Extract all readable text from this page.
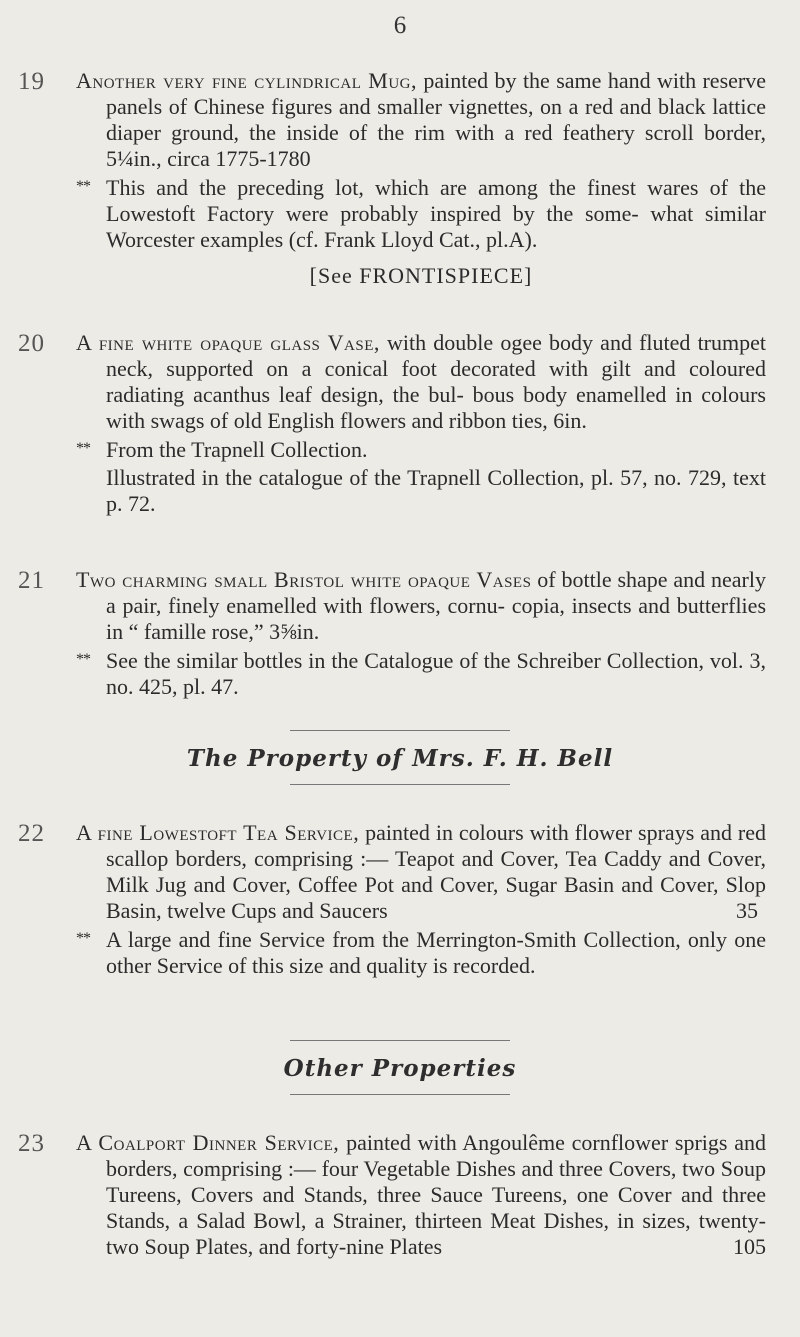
6
19 Another very fine cylindrical Mug, painted by the same hand with reserve panels of Chinese figures and smaller vignettes, on a red and black lattice diaper ground, the inside of the rim with a red feathery scroll border, 5¼in., circa 1775-1780

** This and the preceding lot, which are among the finest wares of the Lowestoft Factory were probably inspired by the some- what similar Worcester examples (cf. Frank Lloyd Cat., pl.A).

[See FRONTISPIECE]

20 A fine white opaque glass Vase, with double ogee body and fluted trumpet neck, supported on a conical foot decorated with gilt and coloured radiating acanthus leaf design, the bul- bous body enamelled in colours with swags of old English flowers and ribbon ties, 6in.

** From the Trapnell Collection.

Illustrated in the catalogue of the Trapnell Collection, pl. 57, no. 729, text p. 72.

21 Two charming small Bristol white opaque Vases of bottle shape and nearly a pair, finely enamelled with flowers, cornu- copia, insects and butterflies in “ famille rose,” 3⅝in.

** See the similar bottles in the Catalogue of the Schreiber Collection, vol. 3, no. 425, pl. 47.

The Property of Mrs. F. H. Bell
22 A fine Lowestoft Tea Service, painted in colours with flower sprays and red scallop borders, comprising :— Teapot and Cover, Tea Caddy and Cover, Milk Jug and Cover, Coffee Pot and Cover, Sugar Basin and Cover, Slop Basin, twelve Cups and Saucers	35

** A large and fine Service from the Merrington-Smith Collection, only one other Service of this size and quality is recorded.

Other Properties
23 A Coalport Dinner Service, painted with Angoulême cornflower sprigs and borders, comprising :— four Vegetable Dishes and three Covers, two Soup Tureens, Covers and Stands, three Sauce Tureens, one Cover and three Stands, a Salad Bowl, a Strainer, thirteen Meat Dishes, in sizes, twenty-two Soup Plates, and forty-nine Plates	105
